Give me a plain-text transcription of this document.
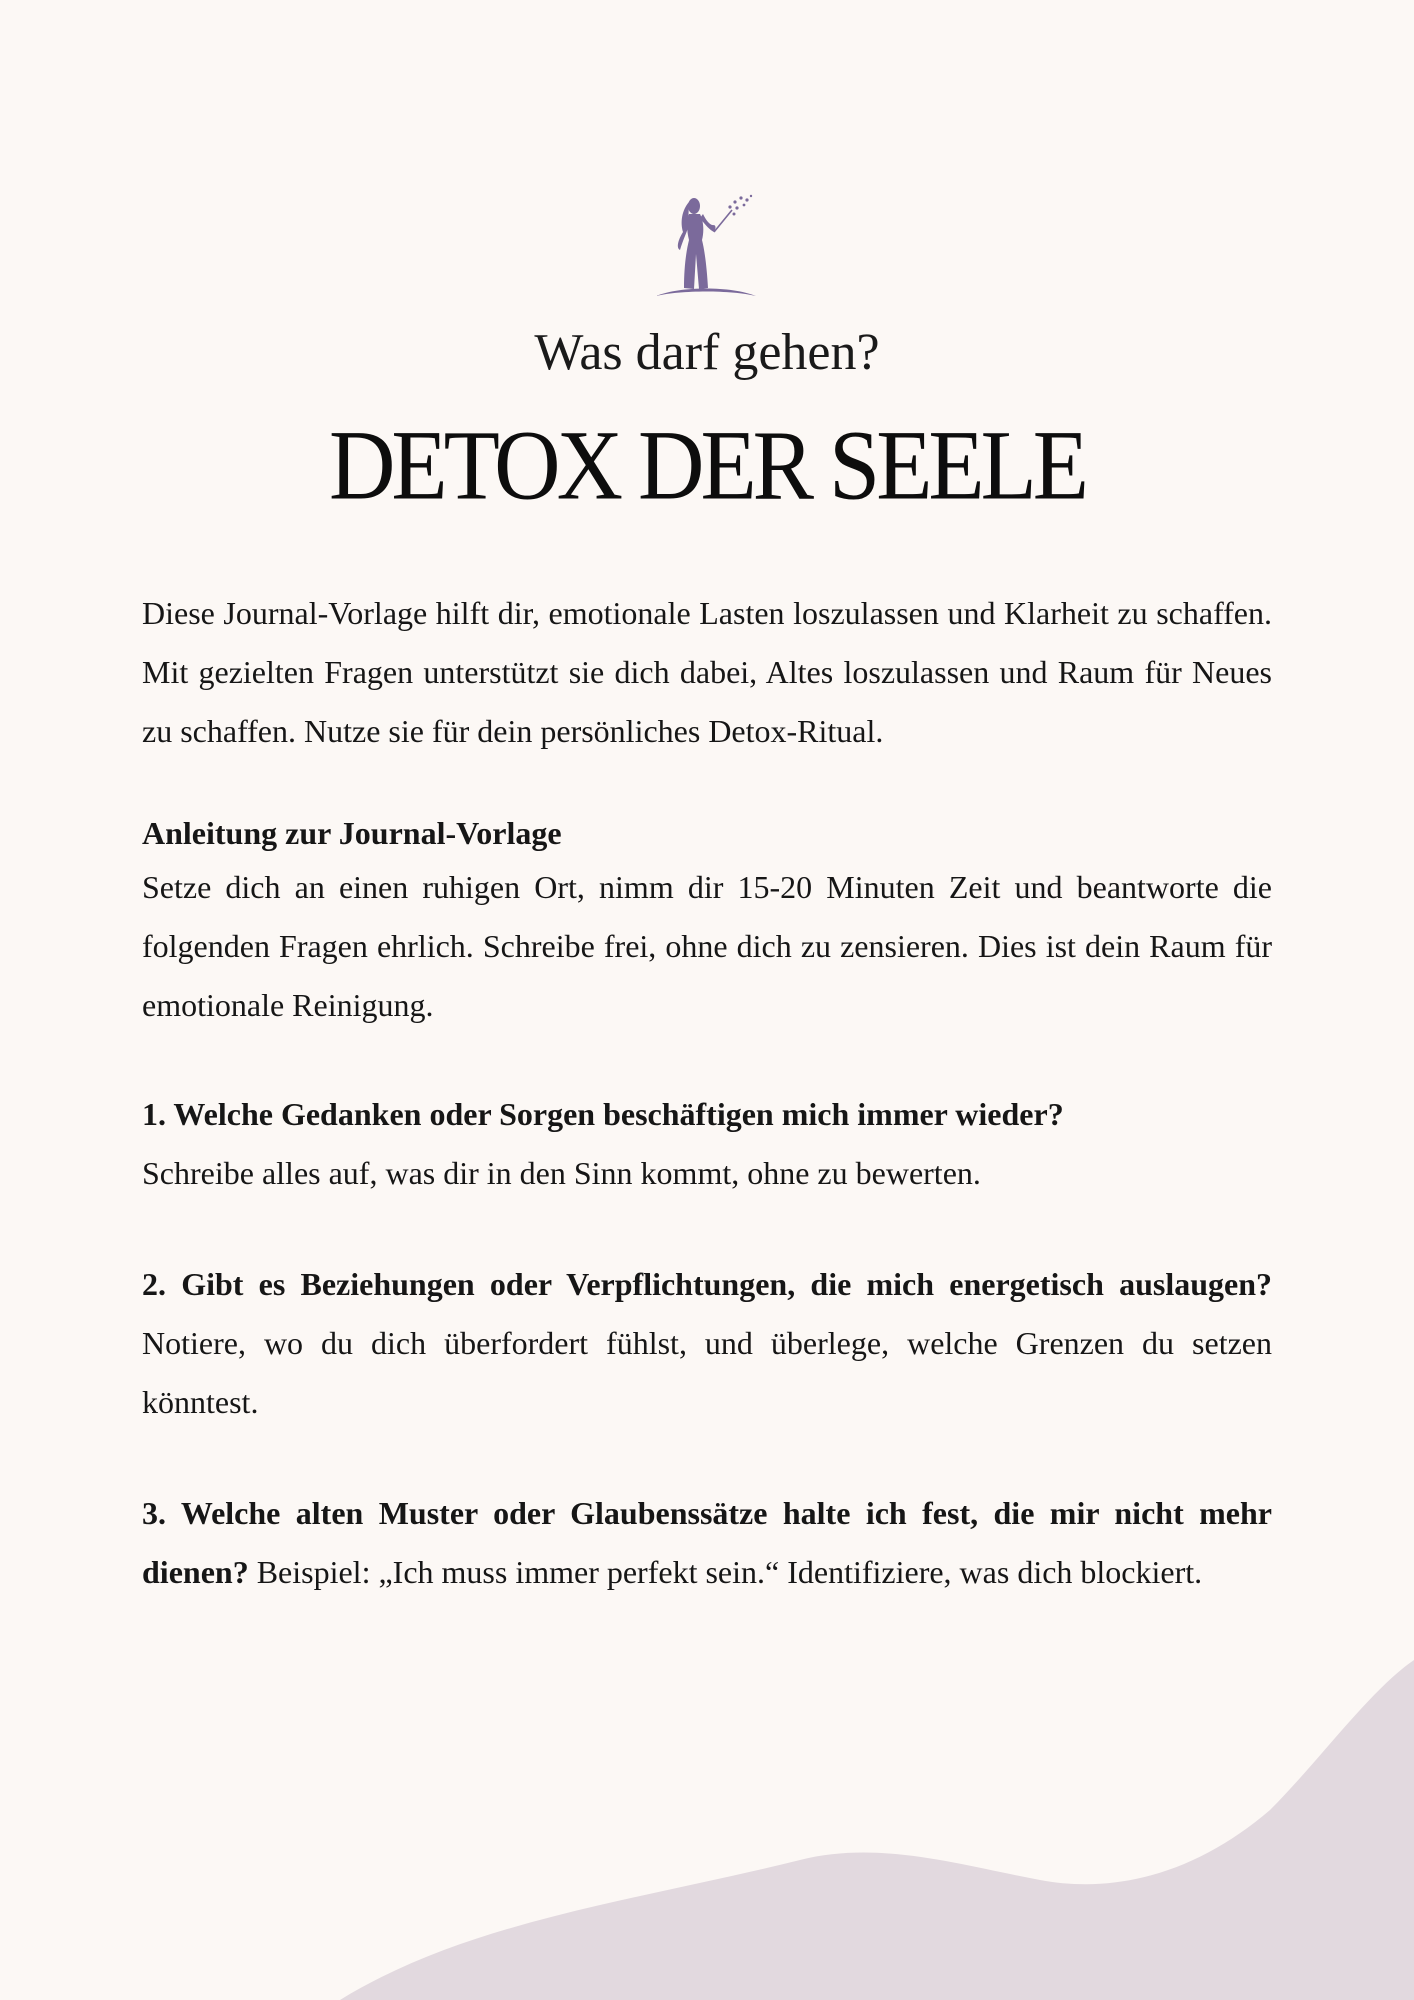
Was darf gehen?
DETOX DER SEELE

Diese Journal-Vorlage hilft dir, emotionale Lasten loszulassen und Klarheit zu schaffen. Mit gezielten Fragen unterstützt sie dich dabei, Altes loszulassen und Raum für Neues zu schaffen. Nutze sie für dein persönliches Detox-Ritual.

Anleitung zur Journal-Vorlage

Setze dich an einen ruhigen Ort, nimm dir 15-20 Minuten Zeit und beantworte die folgenden Fragen ehrlich. Schreibe frei, ohne dich zu zensieren. Dies ist dein Raum für emotionale Reinigung.

1. Welche Gedanken oder Sorgen beschäftigen mich immer wieder?
Schreibe alles auf, was dir in den Sinn kommt, ohne zu bewerten.

2. Gibt es Beziehungen oder Verpflichtungen, die mich energetisch auslaugen? Notiere, wo du dich überfordert fühlst, und überlege, welche Grenzen du setzen könntest.

3. Welche alten Muster oder Glaubenssätze halte ich fest, die mir nicht mehr dienen? Beispiel: „Ich muss immer perfekt sein.“ Identifiziere, was dich blockiert.
